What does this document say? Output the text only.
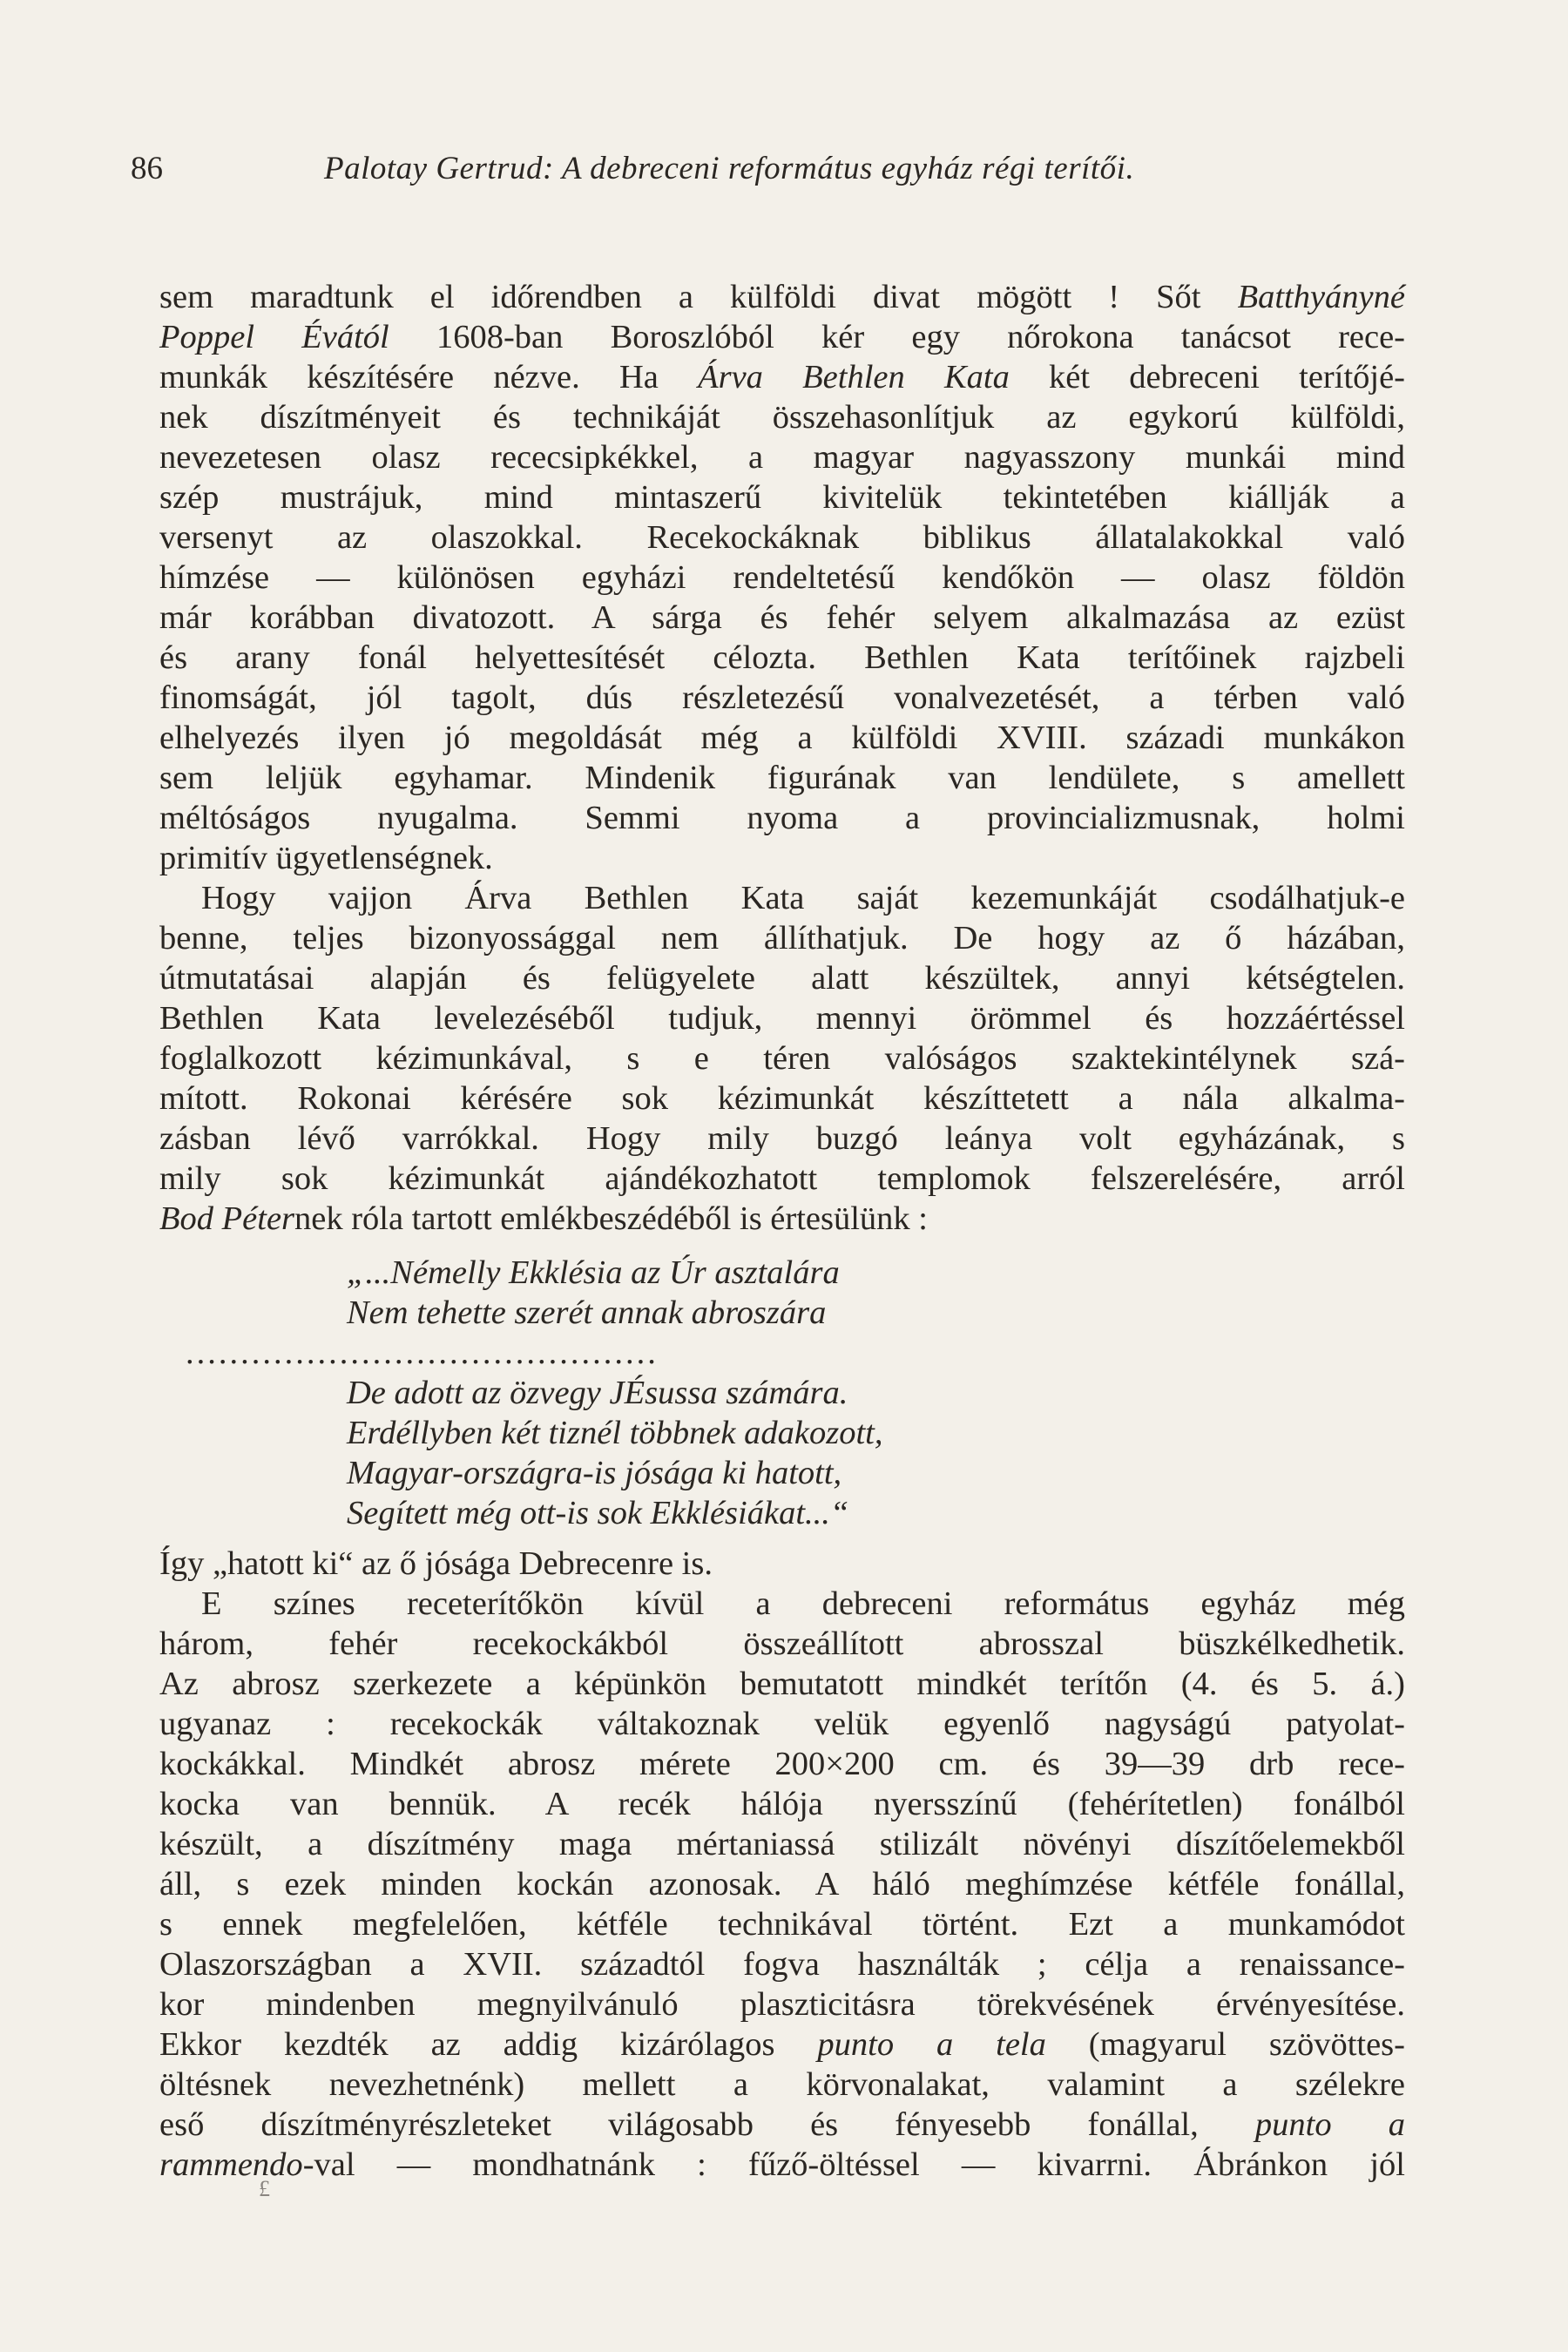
86	Palotay Gertrud: A debreceni református egyház régi terítői.
sem maradtunk el időrendben a külföldi divat mögött ! Sőt Batthyányné
Poppel Évától 1608-ban Boroszlóból kér egy nőrokona tanácsot rece-
munkák készítésére nézve. Ha Árva Bethlen Kata két debreceni terítőjé-
nek díszítményeit és technikáját összehasonlítjuk az egykorú külföldi,
nevezetesen olasz rececsipkékkel, a magyar nagyasszony munkái mind
szép mustrájuk, mind mintaszerű kivitelük tekintetében kiállják a
versenyt az olaszokkal. Recekockáknak biblikus állatalakokkal való
hímzése — különösen egyházi rendeltetésű kendőkön — olasz földön
már korábban divatozott. A sárga és fehér selyem alkalmazása az ezüst
és arany fonál helyettesítését célozta. Bethlen Kata terítőinek rajzbeli
finomságát, jól tagolt, dús részletezésű vonalvezetését, a térben való
elhelyezés ilyen jó megoldását még a külföldi XVIII. századi munkákon
sem leljük egyhamar. Mindenik figurának van lendülete, s amellett
méltóságos nyugalma. Semmi nyoma a provincializmusnak, holmi
primitív ügyetlenségnek.
Hogy vajjon Árva Bethlen Kata saját kezemunkáját csodálhatjuk-e
benne, teljes bizonyossággal nem állíthatjuk. De hogy az ő házában,
útmutatásai alapján és felügyelete alatt készültek, annyi kétségtelen.
Bethlen Kata levelezéséből tudjuk, mennyi örömmel és hozzáértéssel
foglalkozott kézimunkával, s e téren valóságos szaktekintélynek szá-
mított. Rokonai kérésére sok kézimunkát készíttetett a nála alkalma-
zásban lévő varrókkal. Hogy mily buzgó leánya volt egyházának, s
mily sok kézimunkát ajándékozhatott templomok felszerelésére, arról
Bod Péternek róla tartott emlékbeszédéből is értesülünk :
„...Némelly Ekklésia az Úr asztalára
Nem tehette szerét annak abroszára
...........................................
De adott az özvegy JÉsussa számára.
Erdéllyben két tiznél többnek adakozott,
Magyar-országra-is jósága ki hatott,
Segített még ott-is sok Ekklésiákat...“
Így „hatott ki“ az ő jósága Debrecenre is.
E színes receterítőkön kívül a debreceni református egyház még
három, fehér recekockákból összeállított abrosszal büszkélkedhetik.
Az abrosz szerkezete a képünkön bemutatott mindkét terítőn (4. és 5. á.)
ugyanaz : recekockák váltakoznak velük egyenlő nagyságú patyolat-
kockákkal. Mindkét abrosz mérete 200×200 cm. és 39—39 drb rece-
kocka van bennük. A recék hálója nyersszínű (fehérítetlen) fonálból
készült, a díszítmény maga mértaniassá stilizált növényi díszítőelemekből
áll, s ezek minden kockán azonosak. A háló meghímzése kétféle fonállal,
s ennek megfelelően, kétféle technikával történt. Ezt a munkamódot
Olaszországban a XVII. századtól fogva használták ; célja a renaissance-
kor mindenben megnyilvánuló plaszticitásra törekvésének érvényesítése.
Ekkor kezdték az addig kizárólagos punto a tela (magyarul szövöttes-
öltésnek nevezhetnénk) mellett a körvonalakat, valamint a szélekre
eső díszítményrészleteket világosabb és fényesebb fonállal, punto a
rammendo-val — mondhatnánk : fűző-öltéssel — kivarrni. Ábránkon jól
£
